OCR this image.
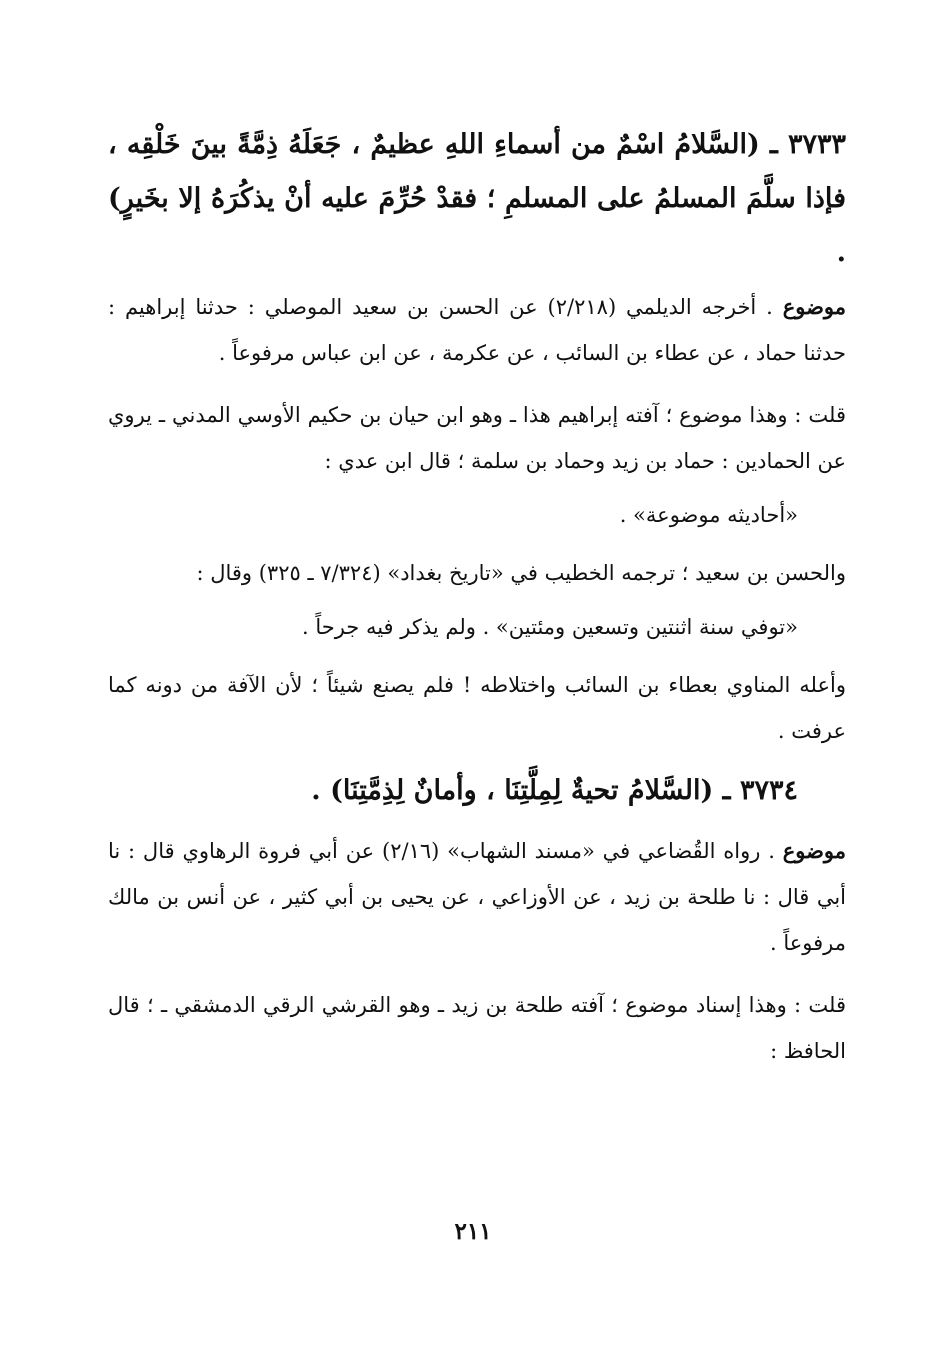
٣٧٣٣ ـ (السَّلامُ اسْمٌ من أسماءِ اللهِ عظيمٌ ، جَعَلَهُ ذِمَّةً بينَ خَلْقِه ، فإذا سلَّمَ المسلمُ على المسلمِ ؛ فقدْ حُرِّمَ عليه أنْ يذكُرَهُ إلا بخَيرٍ) .

موضوع . أخرجه الديلمي (٢/٢١٨) عن الحسن بن سعيد الموصلي : حدثنا إبراهيم : حدثنا حماد ، عن عطاء بن السائب ، عن عكرمة ، عن ابن عباس مرفوعاً .

قلت : وهذا موضوع ؛ آفته إبراهيم هذا ـ وهو ابن حيان بن حكيم الأوسي المدني ـ يروي عن الحمادين : حماد بن زيد وحماد بن سلمة ؛ قال ابن عدي :

«أحاديثه موضوعة» .

والحسن بن سعيد ؛ ترجمه الخطيب في «تاريخ بغداد» (٧/٣٢٤ ـ ٣٢٥) وقال :

«توفي سنة اثنتين وتسعين ومئتين» . ولم يذكر فيه جرحاً .

وأعله المناوي بعطاء بن السائب واختلاطه ! فلم يصنع شيئاً ؛ لأن الآفة من دونه كما عرفت .

٣٧٣٤ ـ (السَّلامُ تحيةٌ لِمِلَّتِنَا ، وأمانٌ لِذِمَّتِنَا) .

موضوع . رواه القُضاعي في «مسند الشهاب» (٢/١٦) عن أبي فروة الرهاوي قال : نا أبي قال : نا طلحة بن زيد ، عن الأوزاعي ، عن يحيى بن أبي كثير ، عن أنس بن مالك مرفوعاً .

قلت : وهذا إسناد موضوع ؛ آفته طلحة بن زيد ـ وهو القرشي الرقي الدمشقي ـ ؛ قال الحافظ :

٢١١
